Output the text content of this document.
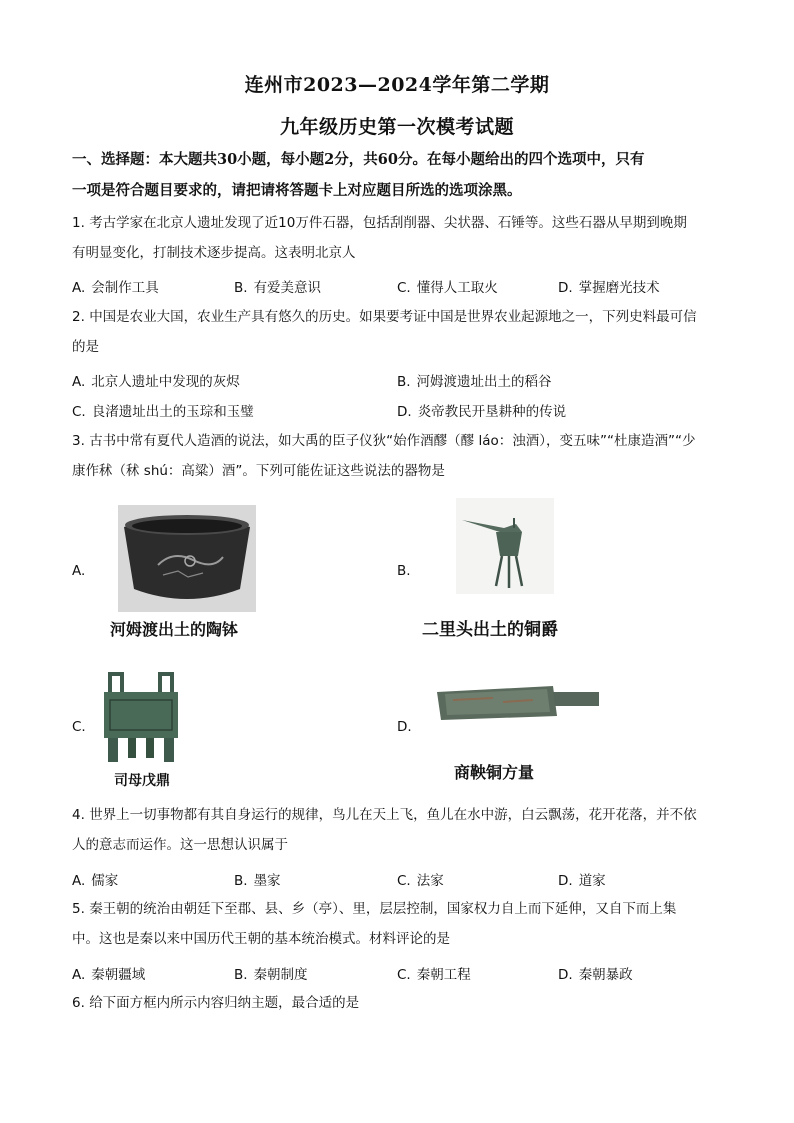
连州市2023—2024学年第二学期
九年级历史第一次模考试题
一、选择题：本大题共30小题，每小题2分，共60分。在每小题给出的四个选项中，只有
一项是符合题目要求的，请把请将答题卡上对应题目所选的选项涂黑。
1. 考古学家在北京人遗址发现了近10万件石器，包括刮削器、尖状器、石锤等。这些石器从早期到晚期
有明显变化，打制技术逐步提高。这表明北京人
A. 会制作工具	B. 有爱美意识	C. 懂得人工取火	D. 掌握磨光技术
2. 中国是农业大国，农业生产具有悠久的历史。如果要考证中国是世界农业起源地之一，下列史料最可信
的是
A. 北京人遗址中发现的灰烬	B. 河姆渡遗址出土的稻谷
C. 良渚遗址出土的玉琮和玉璧	D. 炎帝教民开垦耕种的传说
3. 古书中常有夏代人造酒的说法，如大禹的臣子仪狄“始作酒醪（醪 láo：浊酒），变五味”“杜康造酒”“少
康作秫（秫 shú：高粱）酒”。下列可能佐证这些说法的器物是
A.
河姆渡出土的陶钵
B.
二里头出土的铜爵
C.
司母戊鼎
D.
商鞅铜方量
4. 世界上一切事物都有其自身运行的规律，鸟儿在天上飞，鱼儿在水中游，白云飘荡，花开花落，并不依
人的意志而运作。这一思想认识属于
A. 儒家	B. 墨家	C. 法家	D. 道家
5. 秦王朝的统治由朝廷下至郡、县、乡（亭）、里，层层控制，国家权力自上而下延伸，又自下而上集
中。这也是秦以来中国历代王朝的基本统治模式。材料评论的是
A. 秦朝疆域	B. 秦朝制度	C. 秦朝工程	D. 秦朝暴政
6. 给下面方框内所示内容归纳主题，最合适的是
